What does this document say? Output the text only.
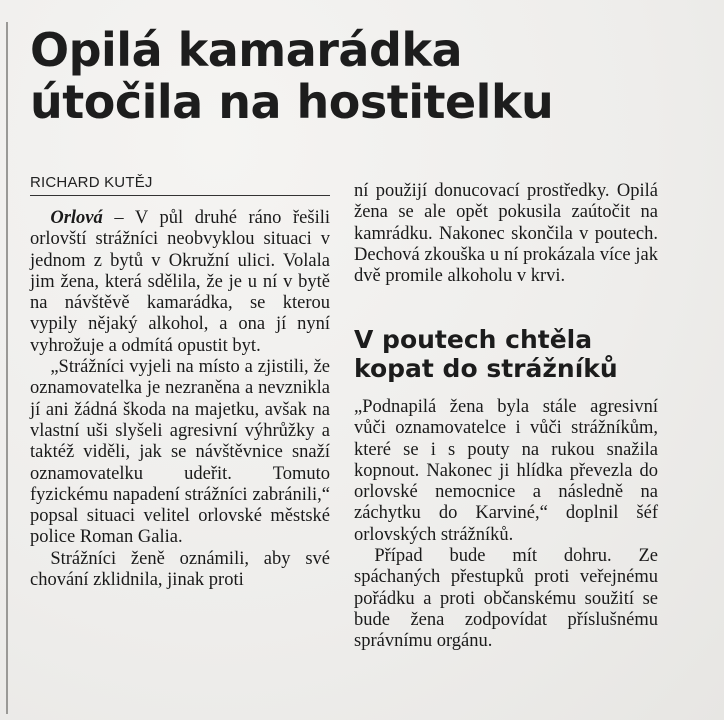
Opilá kamarádka
útočila na hostitelku
RICHARD KUTĚJ

Orlová – V půl druhé ráno řešili orlovští strážníci neobvyklou situaci v jednom z bytů v Okružní ulici. Volala jim žena, která sdělila, že je u ní v bytě na návštěvě kamarádka, se kterou vypily nějaký alkohol, a ona jí nyní vyhrožuje a odmítá opustit byt.

„Strážníci vyjeli na místo a zjistili, že oznamovatelka je nezraněna a nevznikla jí ani žádná škoda na majetku, avšak na vlastní uši slyšeli agresivní výhrůžky a taktéž viděli, jak se návštěvnice snaží oznamovatelku udeřit. Tomuto fyzickému napadení strážníci zabránili,“ popsal situaci velitel orlovské městské police Roman Galia.

Strážníci ženě oznámili, aby své chování zklidnila, jinak proti

ní použijí donucovací prostředky. Opilá žena se ale opět pokusila zaútočit na kamrádku. Nakonec skončila v poutech. Dechová zkouška u ní prokázala více jak dvě promile alkoholu v krvi.

V poutech chtěla
kopat do strážníků

„Podnapilá žena byla stále agresivní vůči oznamovatelce i vůči strážníkům, které se i s pouty na rukou snažila kopnout. Nakonec ji hlídka převezla do orlovské nemocnice a následně na záchytku do Karviné,“ doplnil šéf orlovských strážníků.

Případ bude mít dohru. Ze spáchaných přestupků proti veřejnému pořádku a proti občanskému soužití se bude žena zodpovídat příslušnému správnímu orgánu.
